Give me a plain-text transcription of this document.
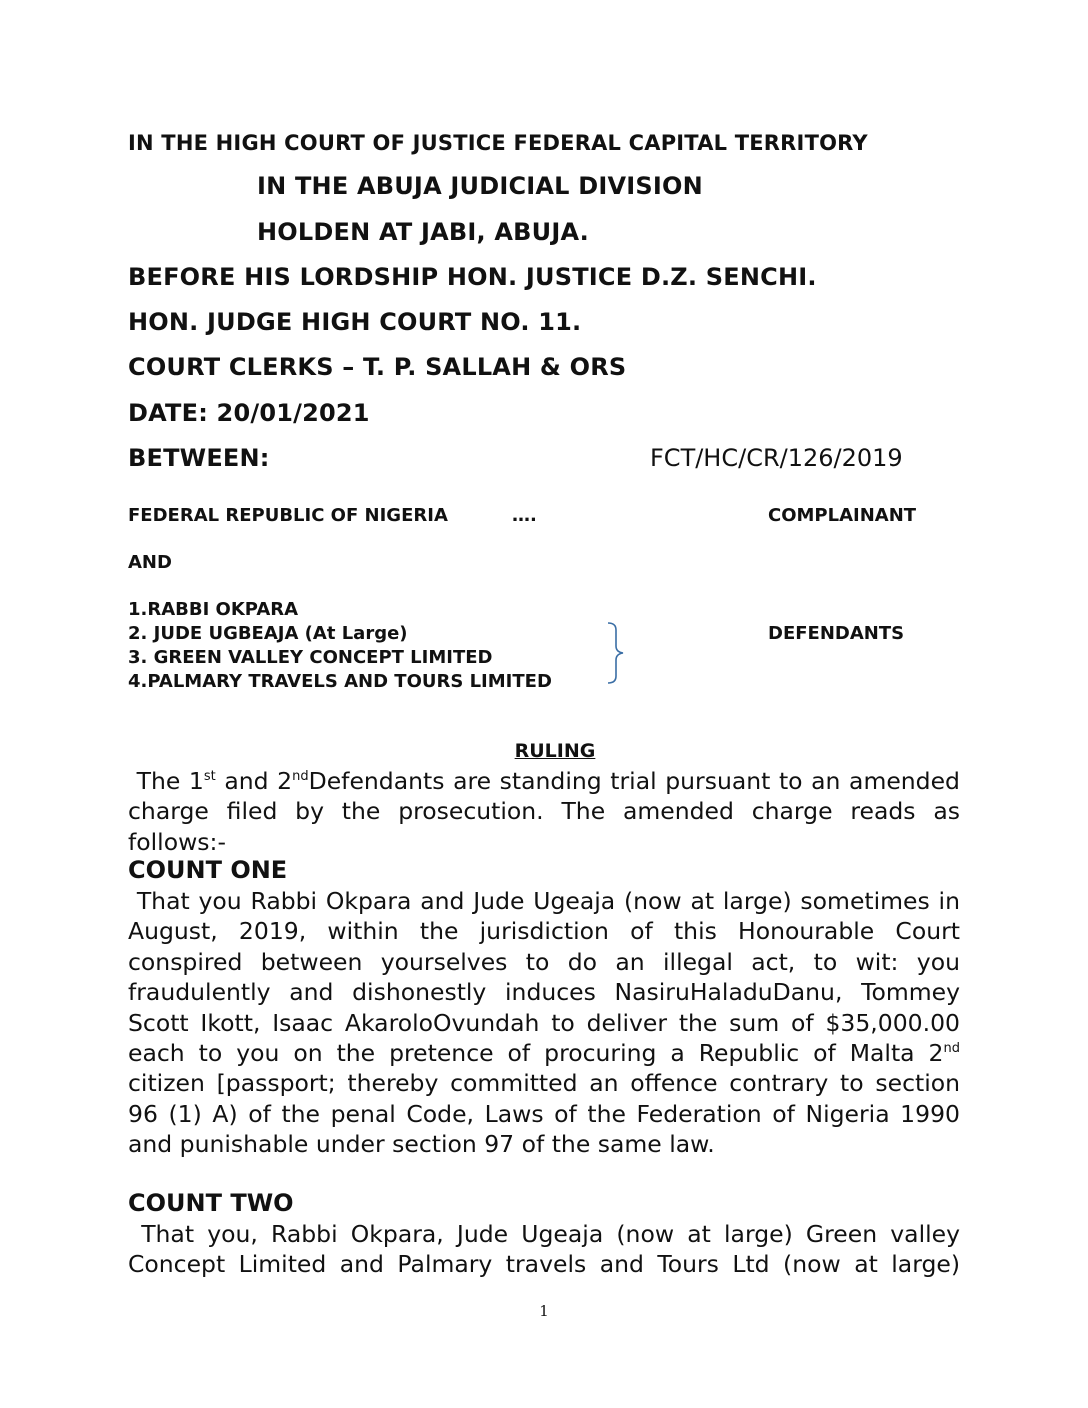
IN THE HIGH COURT OF JUSTICE FEDERAL CAPITAL TERRITORY
IN THE ABUJA JUDICIAL DIVISION
HOLDEN AT JABI, ABUJA.
BEFORE HIS LORDSHIP HON. JUSTICE D.Z. SENCHI.
HON. JUDGE HIGH COURT NO. 11.
COURT CLERKS – T. P. SALLAH & ORS
DATE: 20/01/2021
BETWEEN:	FCT/HC/CR/126/2019
FEDERAL REPUBLIC OF NIGERIA	….	COMPLAINANT
AND
1.RABBI OKPARA
2. JUDE UGBEAJA (At Large)
3. GREEN VALLEY CONCEPT LIMITED
4.PALMARY TRAVELS AND TOURS LIMITED
DEFENDANTS
RULING

The 1st and 2ndDefendants are standing trial pursuant to an amended charge filed by the prosecution. The amended charge reads as follows:-

COUNT ONE

That you Rabbi Okpara and Jude Ugeaja (now at large) sometimes in August, 2019, within the jurisdiction of this Honourable Court conspired between yourselves to do an illegal act, to wit: you fraudulently and dishonestly induces NasiruHaladuDanu, Tommey Scott Ikott, Isaac AkaroloOvundah to deliver the sum of $35,000.00 each to you on the pretence of procuring a Republic of Malta 2nd citizen [passport; thereby committed an offence contrary to section 96 (1) A) of the penal Code, Laws of the Federation of Nigeria 1990 and punishable under section 97 of the same law.

COUNT TWO

That you, Rabbi Okpara, Jude Ugeaja (now at large) Green valley Concept Limited and Palmary travels and Tours Ltd (now at large)

1
